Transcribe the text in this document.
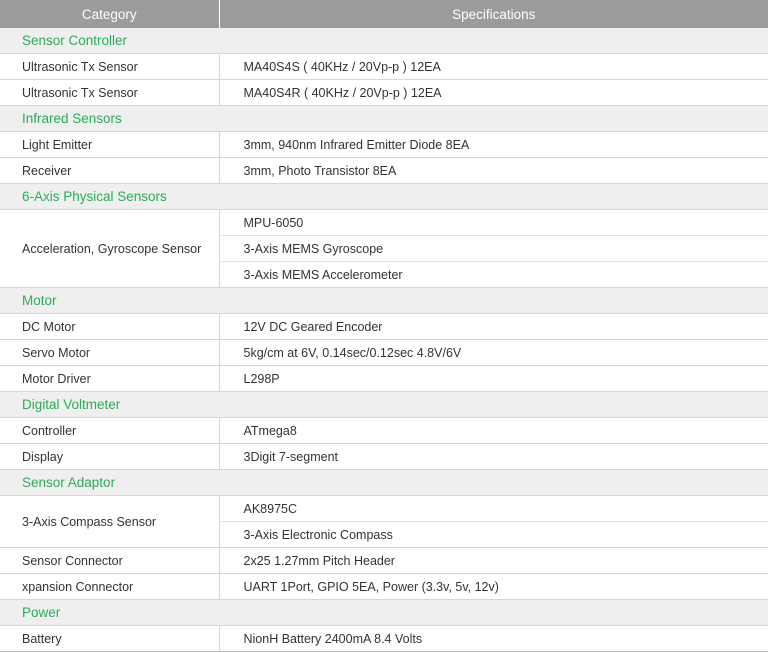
Category	Specifications
Sensor Controller	
Ultrasonic Tx Sensor	MA40S4S ( 40KHz / 20Vp-p ) 12EA
Ultrasonic Tx Sensor	MA40S4R ( 40KHz / 20Vp-p ) 12EA
Infrared Sensors	
Light Emitter	3mm, 940nm Infrared Emitter Diode 8EA
Receiver	3mm, Photo Transistor 8EA
6-Axis Physical Sensors	
Acceleration, Gyroscope Sensor	MPU-6050
	3-Axis MEMS Gyroscope
	3-Axis MEMS Accelerometer
Motor	
DC Motor	12V DC Geared Encoder
Servo Motor	5kg/cm at 6V, 0.14sec/0.12sec 4.8V/6V
Motor Driver	L298P
Digital Voltmeter	
Controller	ATmega8
Display	3Digit 7-segment
Sensor Adaptor	
3-Axis Compass Sensor	AK8975C
	3-Axis Electronic Compass
Sensor Connector	2x25 1.27mm Pitch Header
xpansion Connector	UART 1Port, GPIO 5EA, Power (3.3v, 5v, 12v)
Power	
Battery	NionH Battery 2400mA 8.4 Volts
